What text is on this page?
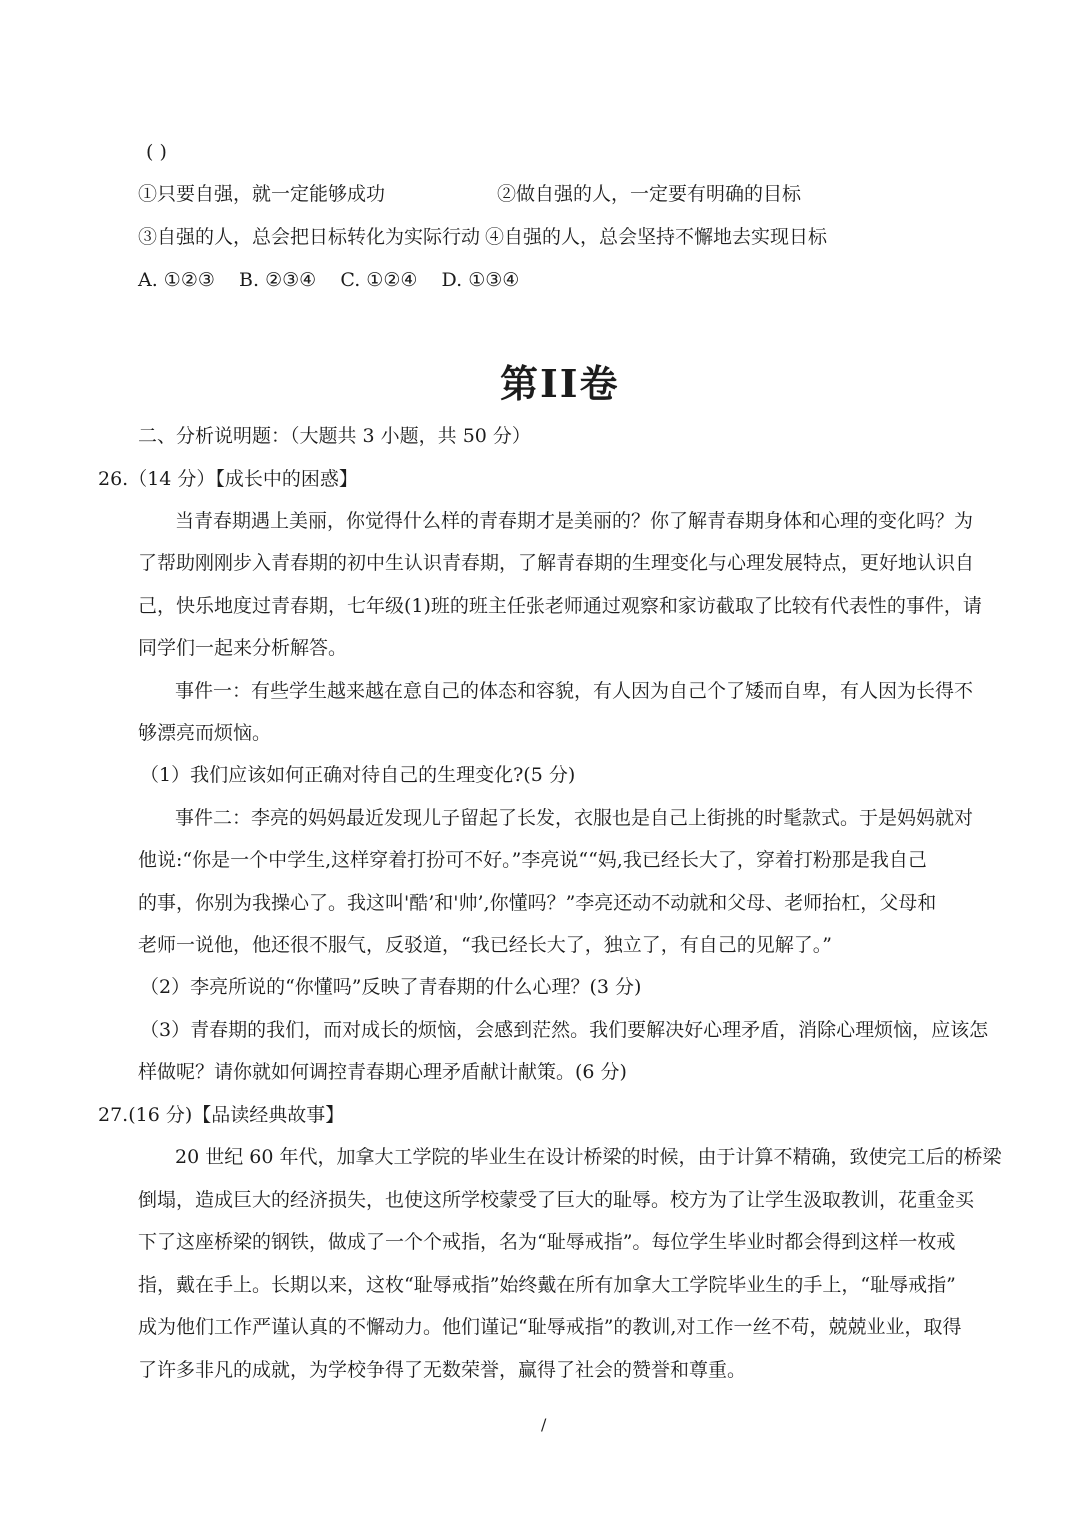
( )
①只要自强，就一定能够成功	②做自强的人，一定要有明确的目标
③自强的人，总会把日标转化为实际行动 ④自强的人，总会坚持不懈地去实现日标
A. ①②③    B. ②③④    C. ①②④    D. ①③④
第II卷
二、分析说明题：（大题共 3 小题，共 50 分）
26.（14 分）【成长中的困惑】
当青春期遇上美丽，你觉得什么样的青春期才是美丽的？你了解青春期身体和心理的变化吗？为
了帮助刚刚步入青春期的初中生认识青春期，了解青春期的生理变化与心理发展特点，更好地认识自
己，快乐地度过青春期，七年级(1)班的班主任张老师通过观察和家访截取了比较有代表性的事件，请
同学们一起来分析解答。
事件一：有些学生越来越在意自己的体态和容貌，有人因为自己个了矮而自卑，有人因为长得不
够漂亮而烦恼。
（1）我们应该如何正确对待自己的生理变化?(5 分)
事件二：李亮的妈妈最近发现儿子留起了长发，衣服也是自己上街挑的时髦款式。于是妈妈就对
他说:“你是一个中学生,这样穿着打扮可不好。”李亮说““妈,我已经长大了，穿着打粉那是我自己
的事，你别为我操心了。我这叫'酷’和'帅’,你懂吗？”李亮还动不动就和父母、老师抬杠，父母和
老师一说他，他还很不服气，反驳道，“我已经长大了，独立了，有自己的见解了。”
（2）李亮所说的“你懂吗”反映了青春期的什么心理？(3 分)
（3）青春期的我们，而对成长的烦恼，会感到茫然。我们要解决好心理矛盾，消除心理烦恼，应该怎
样做呢？请你就如何调控青春期心理矛盾献计献策。(6 分)
27.(16 分)【品读经典故事】
20 世纪 60 年代，加拿大工学院的毕业生在设计桥梁的时候，由于计算不精确，致使完工后的桥梁
倒塌，造成巨大的经济损失，也使这所学校蒙受了巨大的耻辱。校方为了让学生汲取教训，花重金买
下了这座桥梁的钢铁，做成了一个个戒指，名为“耻辱戒指”。每位学生毕业时都会得到这样一枚戒
指，戴在手上。长期以来，这枚“耻辱戒指”始终戴在所有加拿大工学院毕业生的手上，“耻辱戒指”
成为他们工作严谨认真的不懈动力。他们谨记“耻辱戒指”的教训,对工作一丝不苟，兢兢业业，取得
了许多非凡的成就，为学校争得了无数荣誉，赢得了社会的赞誉和尊重。
/
